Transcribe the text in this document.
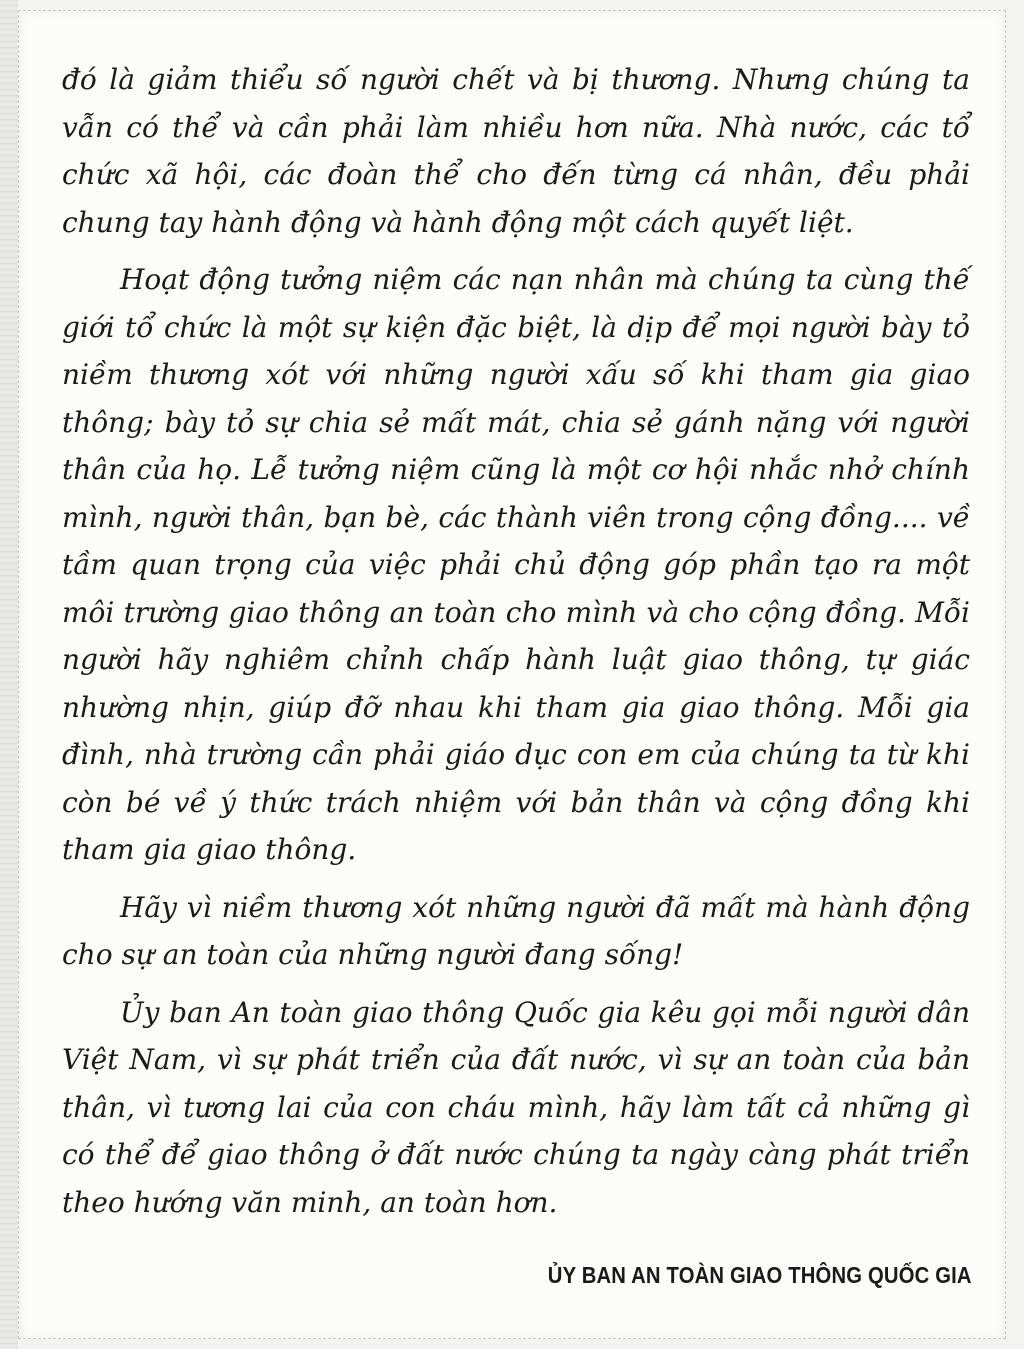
đó là giảm thiểu số người chết và bị thương. Nhưng chúng ta vẫn có thể và cần phải làm nhiều hơn nữa. Nhà nước, các tổ chức xã hội, các đoàn thể cho đến từng cá nhân, đều phải chung tay hành động và hành động một cách quyết liệt.

Hoạt động tưởng niệm các nạn nhân mà chúng ta cùng thế giới tổ chức là một sự kiện đặc biệt, là dịp để mọi người bày tỏ niềm thương xót với những người xấu số khi tham gia giao thông; bày tỏ sự chia sẻ mất mát, chia sẻ gánh nặng với người thân của họ. Lễ tưởng niệm cũng là một cơ hội nhắc nhở chính mình, người thân, bạn bè, các thành viên trong cộng đồng.... về tầm quan trọng của việc phải chủ động góp phần tạo ra một môi trường giao thông an toàn cho mình và cho cộng đồng. Mỗi người hãy nghiêm chỉnh chấp hành luật giao thông, tự giác nhường nhịn, giúp đỡ nhau khi tham gia giao thông. Mỗi gia đình, nhà trường cần phải giáo dục con em của chúng ta từ khi còn bé về ý thức trách nhiệm với bản thân và cộng đồng khi tham gia giao thông.

Hãy vì niềm thương xót những người đã mất mà hành động cho sự an toàn của những người đang sống!

Ủy ban An toàn giao thông Quốc gia kêu gọi mỗi người dân Việt Nam, vì sự phát triển của đất nước, vì sự an toàn của bản thân, vì tương lai của con cháu mình, hãy làm tất cả những gì có thể để giao thông ở đất nước chúng ta ngày càng phát triển theo hướng văn minh, an toàn hơn.

ỦY BAN AN TOÀN GIAO THÔNG QUỐC GIA
